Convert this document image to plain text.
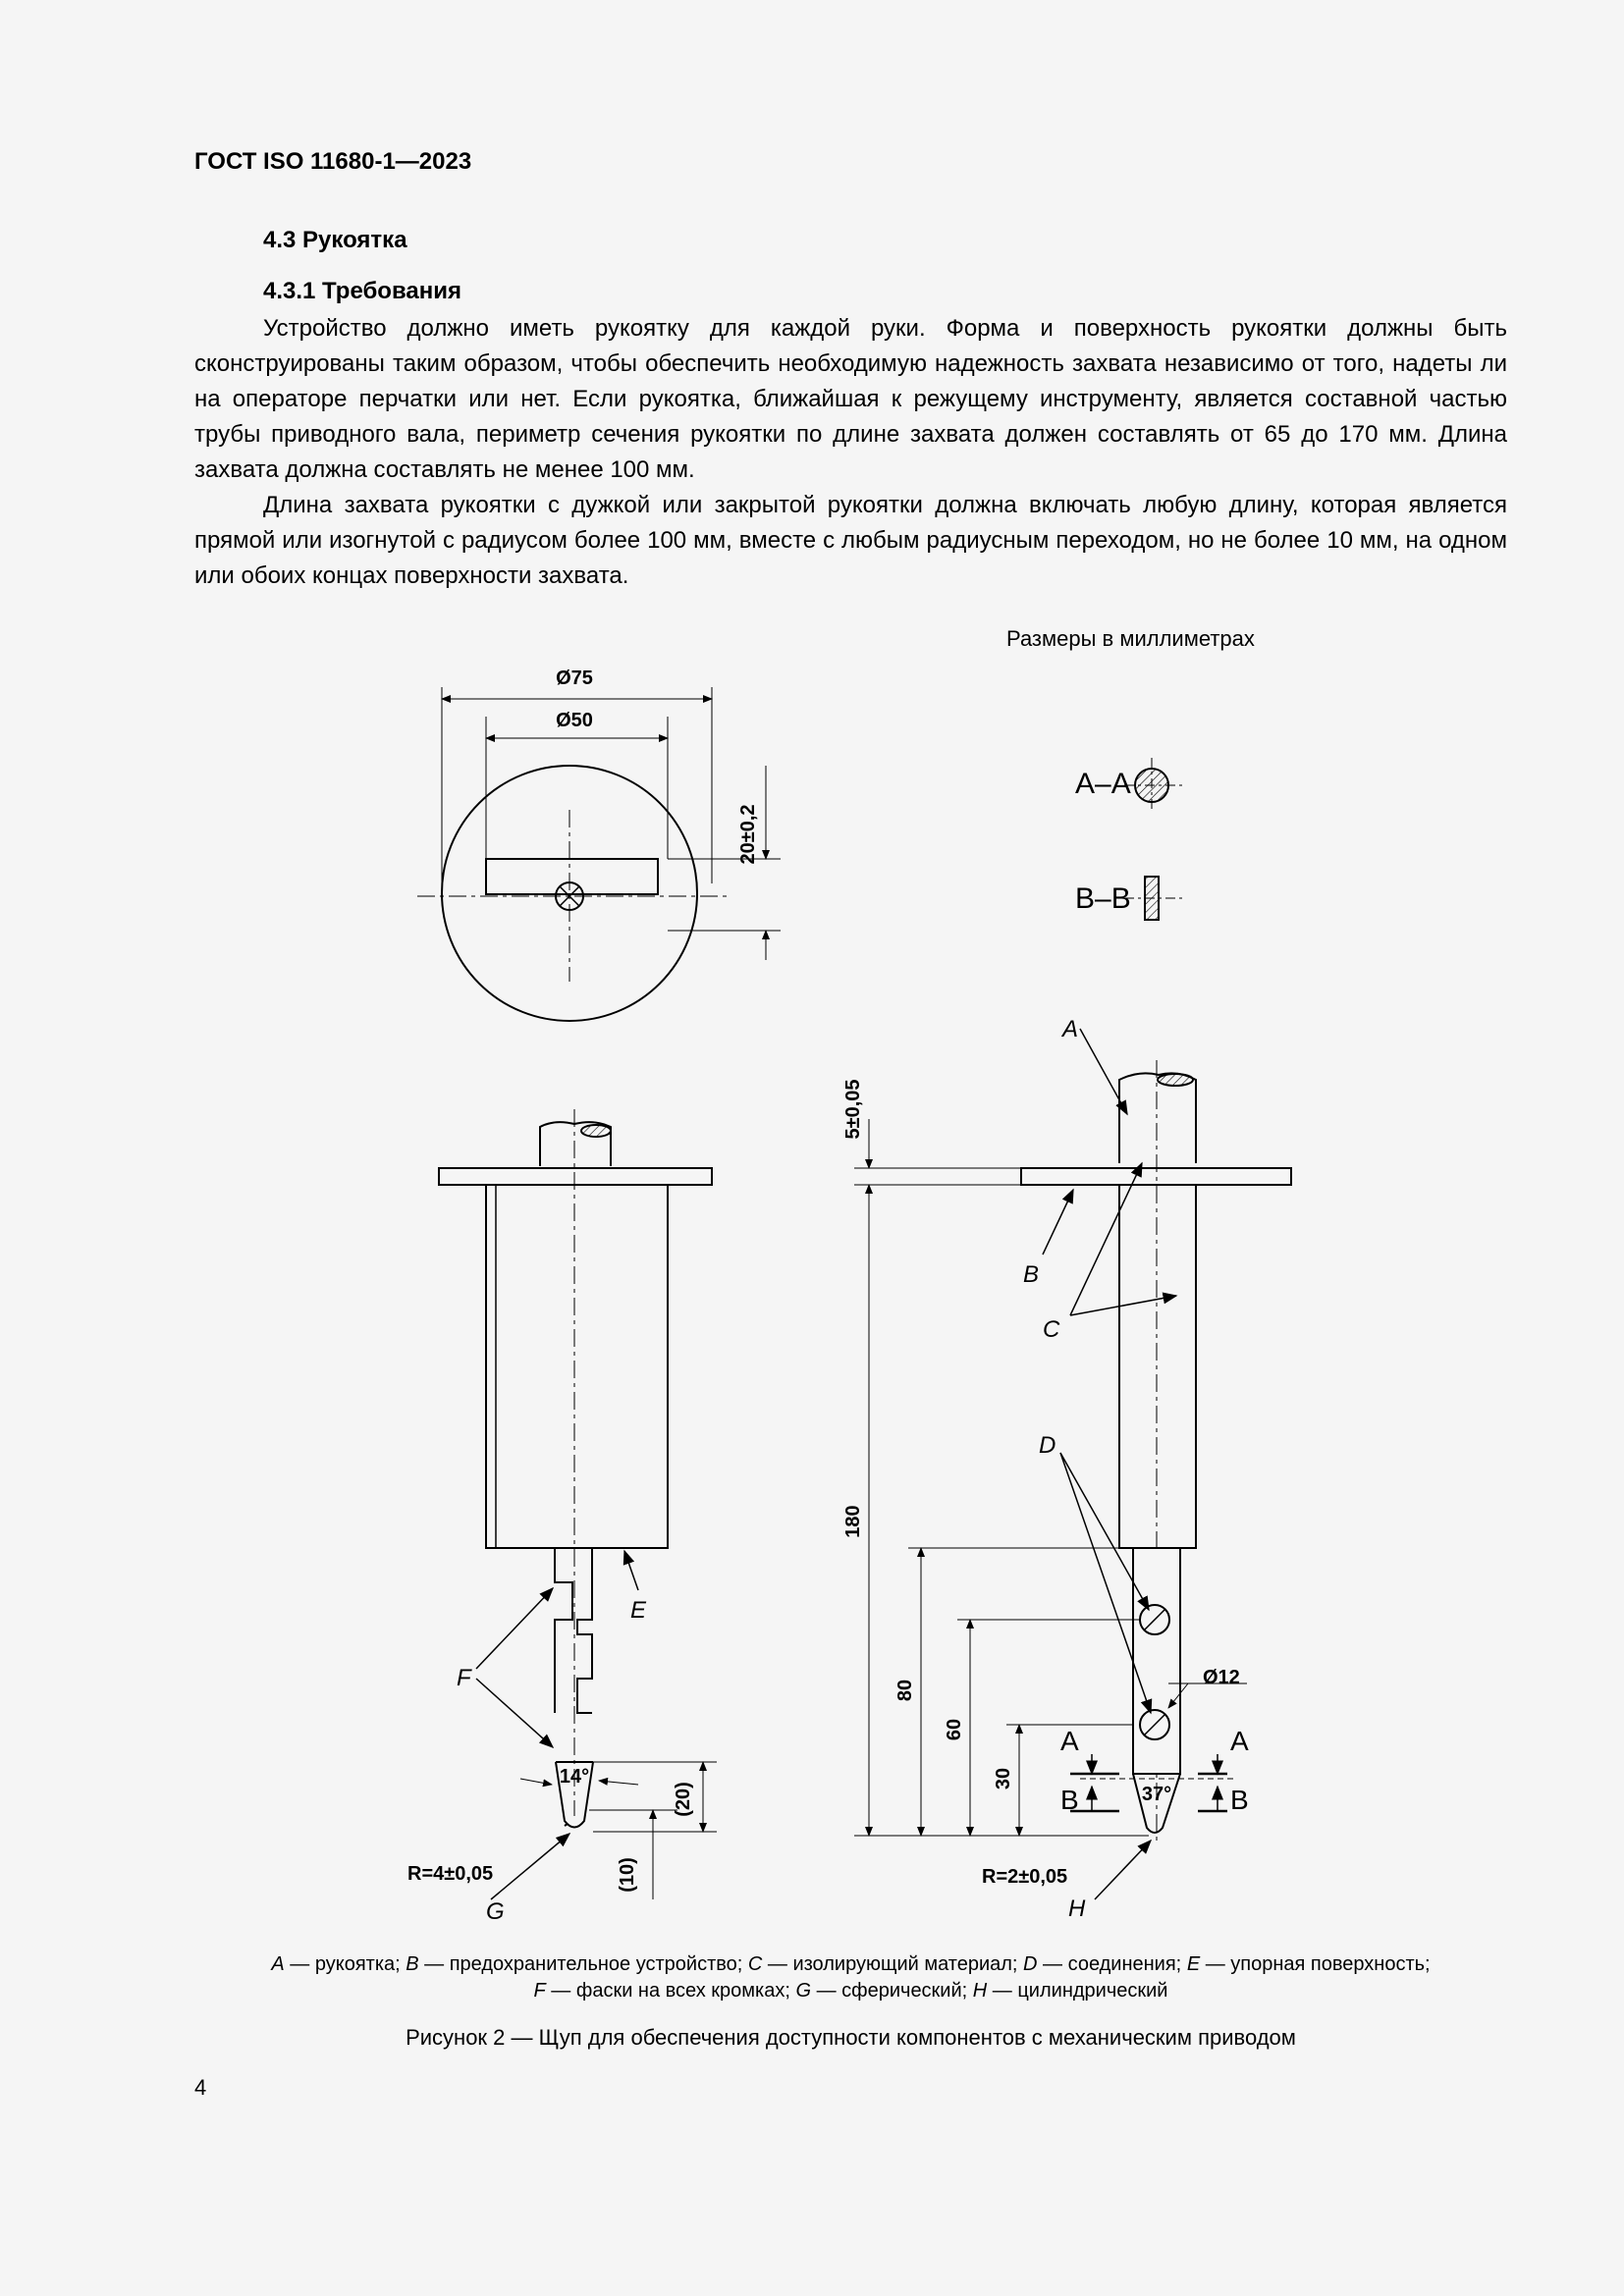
ГОСТ ISO 11680-1—2023
4.3 Рукоятка
4.3.1 Требования

Устройство должно иметь рукоятку для каждой руки. Форма и поверхность рукоятки должны быть сконструированы таким образом, чтобы обеспечить необходимую надежность захвата независимо от того, надеты ли на операторе перчатки или нет. Если рукоятка, ближайшая к режущему инструменту, является составной частью трубы приводного вала, периметр сечения рукоятки по длине захвата должен составлять от 65 до 170 мм. Длина захвата должна составлять не менее 100 мм.

Длина захвата рукоятки с дужкой или закрытой рукоятки должна включать любую длину, которая является прямой или изогнутой с радиусом более 100 мм, вместе с любым радиусным переходом, но не более 10 мм, на одном или обоих концах поверхности захвата.

Размеры в миллиметрах
Ø75
Ø50
20±0,2
A–A
B–B
5±0,05
180
80
60
30
(20)
(10)
Ø12
14°
37°
R=4±0,05	R=2±0,05
A	A
B	B
A
B
C
D
E
F
G	H
A — рукоятка; B — предохранительное устройство; C — изолирующий материал; D — соединения; E — упорная поверхность;
F — фаски на всех кромках; G — сферический; H — цилиндрический
Рисунок 2 — Щуп для обеспечения доступности компонентов с механическим приводом
4
